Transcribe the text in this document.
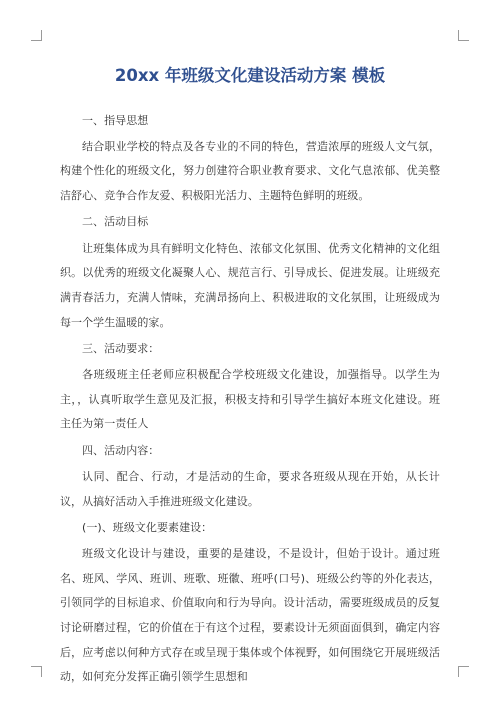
20xx 年班级文化建设活动方案 模板

一、指导思想

结合职业学校的特点及各专业的不同的特色，营造浓厚的班级人文气氛，构建个性化的班级文化，努力创建符合职业教育要求、文化气息浓郁、优美整洁舒心、竞争合作友爱、积极阳光活力、主题特色鲜明的班级。

二、活动目标

让班集体成为具有鲜明文化特色、浓郁文化氛围、优秀文化精神的文化组织。以优秀的班级文化凝聚人心、规范言行、引导成长、促进发展。让班级充满青春活力，充满人情味，充满昂扬向上、积极进取的文化氛围，让班级成为每一个学生温暖的家。

三、活动要求：

各班级班主任老师应积极配合学校班级文化建设，加强指导。以学生为主，，认真听取学生意见及汇报，积极支持和引导学生搞好本班文化建设。班主任为第一责任人

四、活动内容：

认同、配合、行动，才是活动的生命，要求各班级从现在开始，从长计议，从搞好活动入手推进班级文化建设。

(一)、班级文化要素建设：

班级文化设计与建设，重要的是建设，不是设计，但始于设计。通过班名、班风、学风、班训、班歌、班徽、班呼(口号)、班级公约等的外化表达，引领同学的目标追求、价值取向和行为导向。设计活动，需要班级成员的反复讨论研磨过程，它的价值在于有这个过程，要素设计无须面面俱到，确定内容后，应考虑以何种方式存在或呈现于集体或个体视野，如何围绕它开展班级活动，如何充分发挥正确引领学生思想和
